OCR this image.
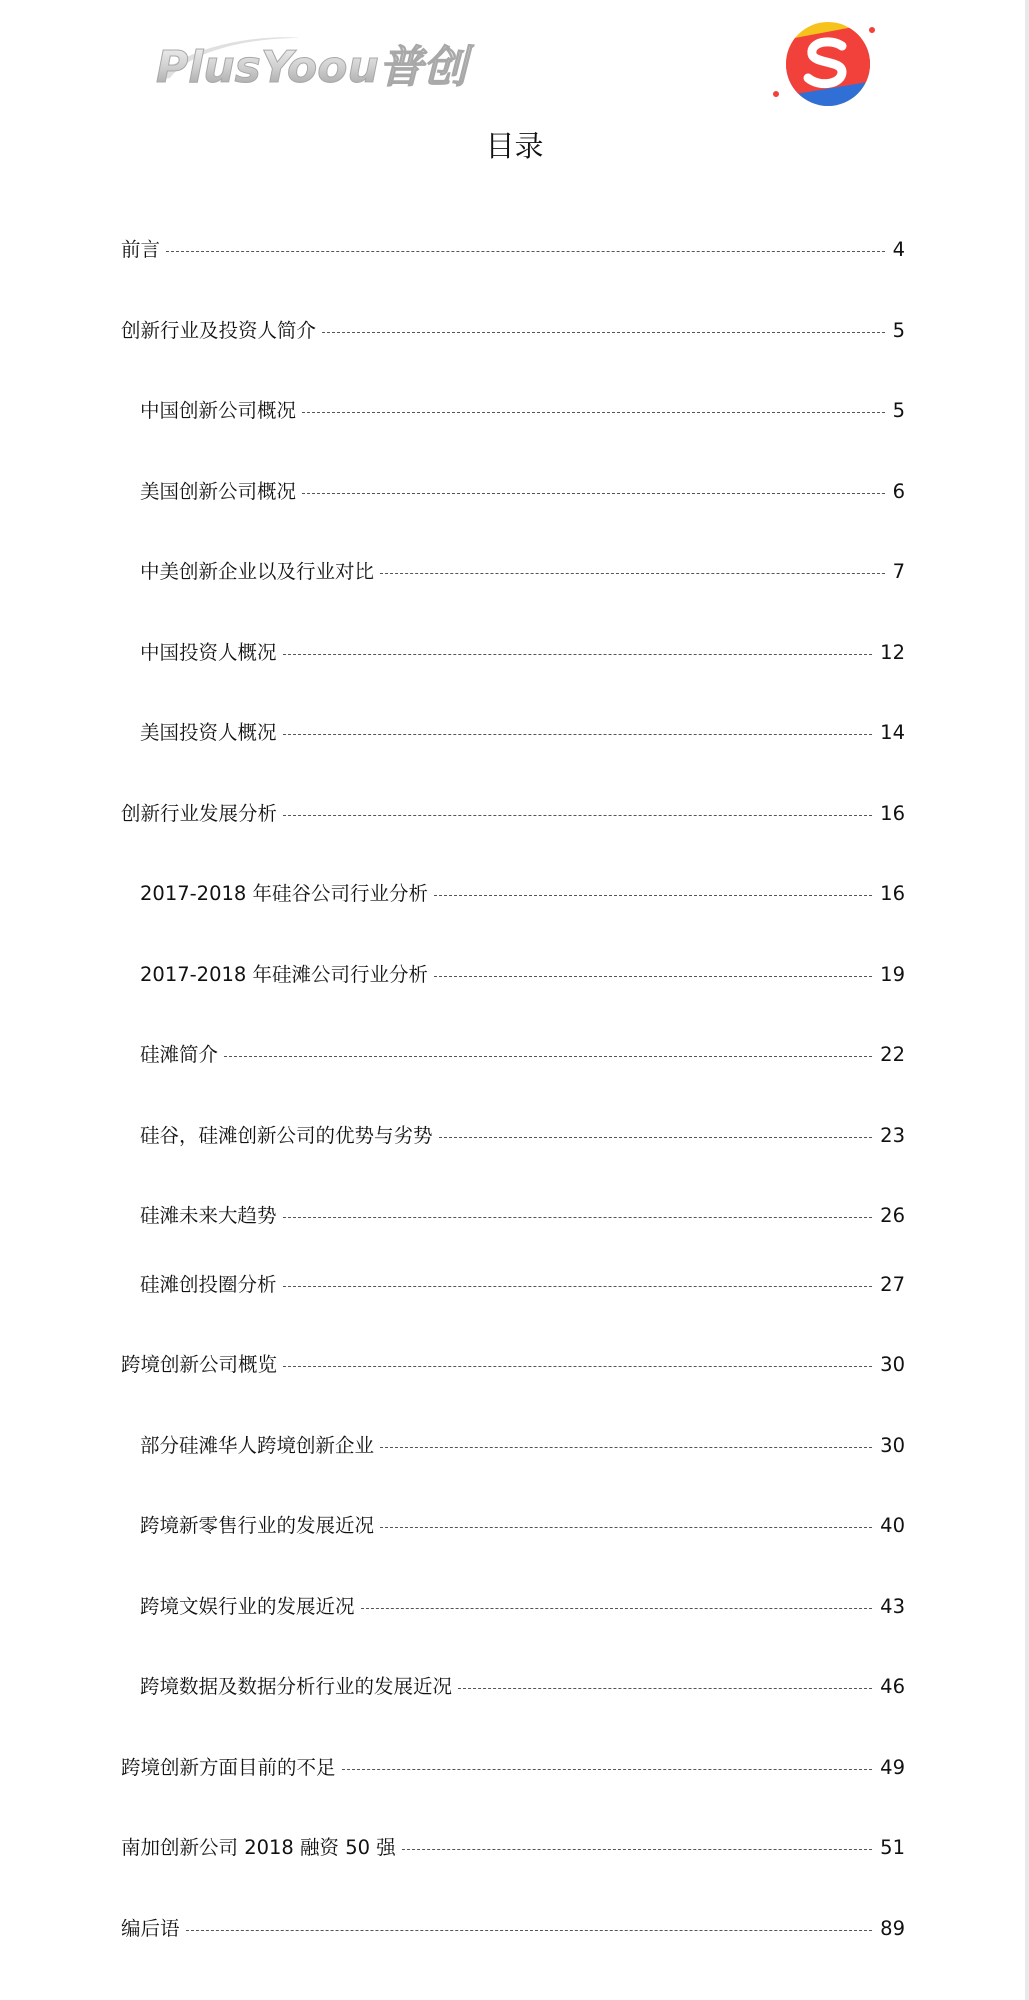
PlusYoou普创
目录
前言	4
创新行业及投资人简介	5
中国创新公司概况	5
美国创新公司概况	6
中美创新企业以及行业对比	7
中国投资人概况	12
美国投资人概况	14
创新行业发展分析	16
2017-2018 年硅谷公司行业分析	16
2017-2018 年硅滩公司行业分析	19
硅滩简介	22
硅谷，硅滩创新公司的优势与劣势	23
硅滩未来大趋势	26
硅滩创投圈分析	27
跨境创新公司概览	30
部分硅滩华人跨境创新企业	30
跨境新零售行业的发展近况	40
跨境文娱行业的发展近况	43
跨境数据及数据分析行业的发展近况	46
跨境创新方面目前的不足	49
南加创新公司 2018 融资 50 强	51
编后语	89
